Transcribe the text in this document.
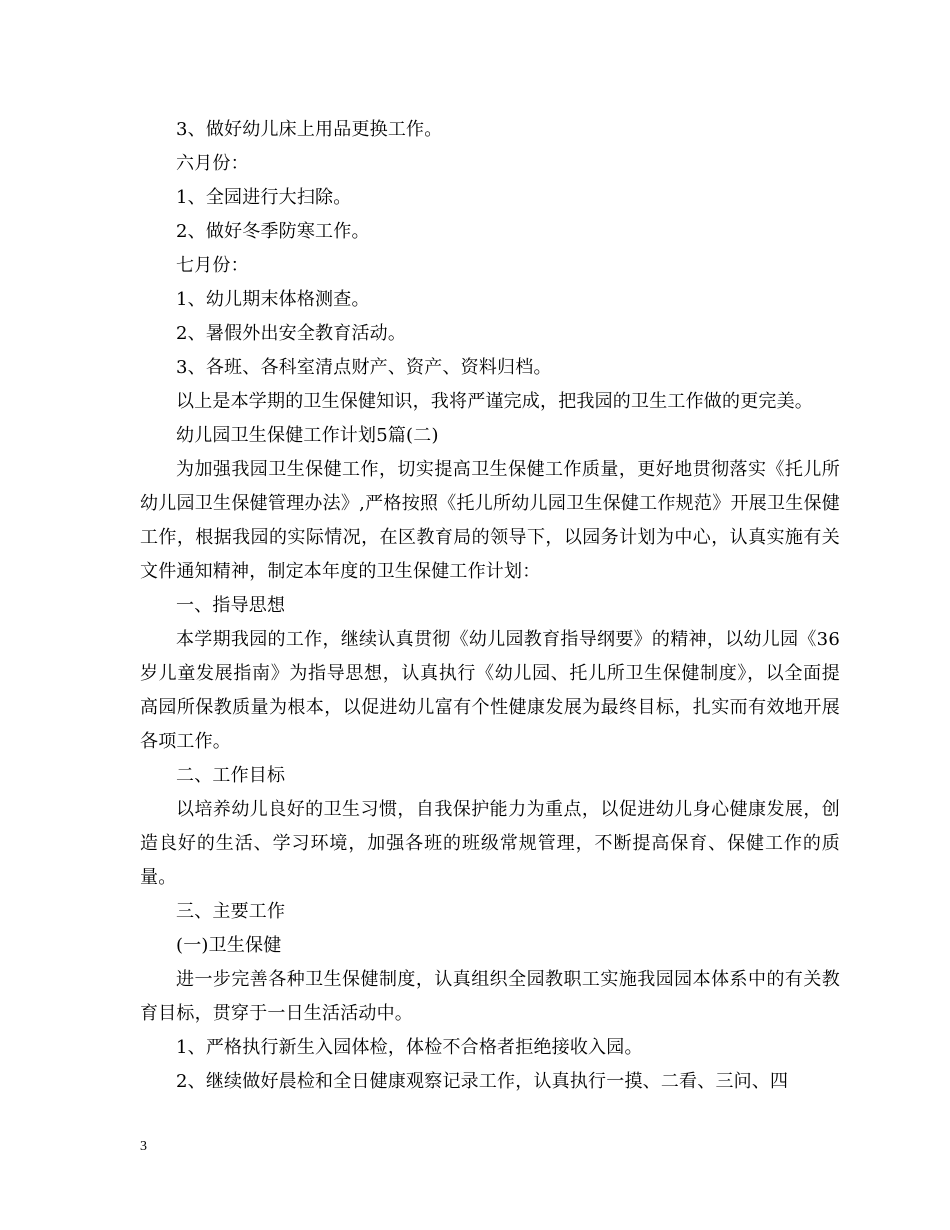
3、做好幼儿床上用品更换工作。

六月份：

1、全园进行大扫除。

2、做好冬季防寒工作。

七月份：

1、幼儿期末体格测查。

2、暑假外出安全教育活动。

3、各班、各科室清点财产、资产、资料归档。

以上是本学期的卫生保健知识，我将严谨完成，把我园的卫生工作做的更完美。

幼儿园卫生保健工作计划5篇(二)

为加强我园卫生保健工作，切实提高卫生保健工作质量，更好地贯彻落实《托儿所幼儿园卫生保健管理办法》,严格按照《托儿所幼儿园卫生保健工作规范》开展卫生保健工作，根据我园的实际情况，在区教育局的领导下，以园务计划为中心，认真实施有关文件通知精神，制定本年度的卫生保健工作计划：

一、指导思想

本学期我园的工作，继续认真贯彻《幼儿园教育指导纲要》的精神，以幼儿园《36岁儿童发展指南》为指导思想，认真执行《幼儿园、托儿所卫生保健制度》，以全面提高园所保教质量为根本，以促进幼儿富有个性健康发展为最终目标，扎实而有效地开展各项工作。

二、工作目标

以培养幼儿良好的卫生习惯，自我保护能力为重点，以促进幼儿身心健康发展，创造良好的生活、学习环境，加强各班的班级常规管理，不断提高保育、保健工作的质量。

三、主要工作

(一)卫生保健

进一步完善各种卫生保健制度，认真组织全园教职工实施我园园本体系中的有关教育目标，贯穿于一日生活活动中。

1、严格执行新生入园体检，体检不合格者拒绝接收入园。

2、继续做好晨检和全日健康观察记录工作，认真执行一摸、二看、三问、四

3
